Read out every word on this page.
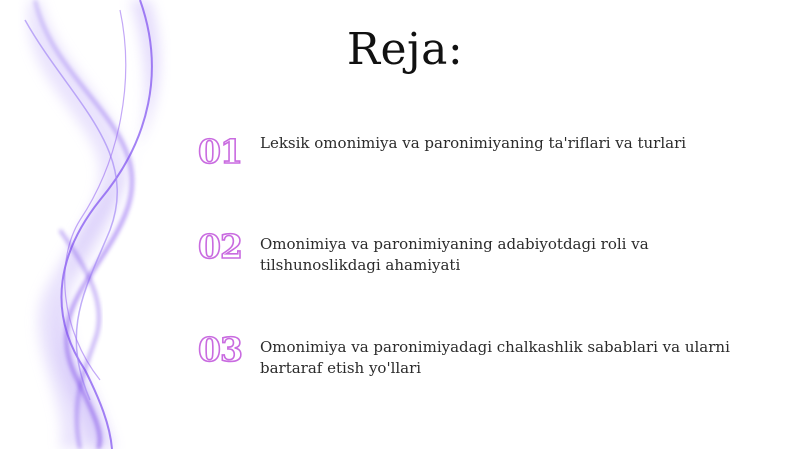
Reja:
01	Leksik omonimiya va paronimiyaning ta'riflari va turlari
02	Omonimiya va paronimiyaning adabiyotdagi roli va tilshunoslikdagi ahamiyati
03	Omonimiya va paronimiyadagi chalkashlik sabablari va ularni bartaraf etish yo'llari
